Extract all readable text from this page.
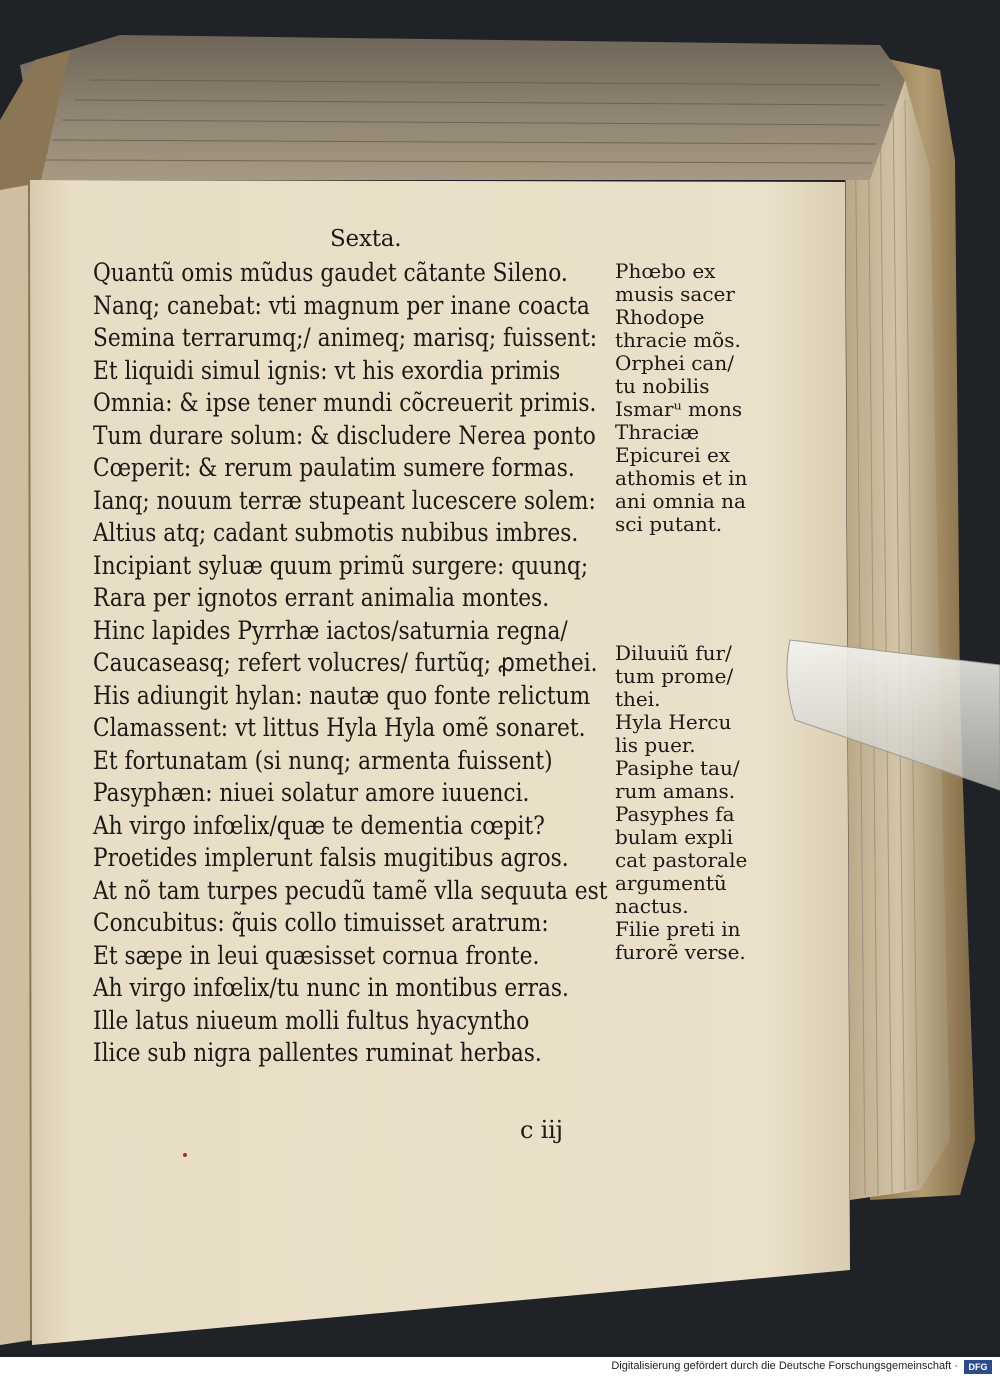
Sexta.
Quantũ omis mũdus gaudet cãtante Sileno.
Nanq; canebat: vti magnum per inane coacta
Semina terrarumq;/ animeq; marisq; fuissent:
Et liquidi simul ignis: vt his exordia primis
Omnia: & ipse tener mundi cõcreuerit primis.
Tum durare solum: & discludere Nerea ponto
Cœperit: & rerum paulatim sumere formas.
Ianq; nouum terræ stupeant lucescere solem:
Altius atq; cadant submotis nubibus imbres.
Incipiant syluæ quum primũ surgere: quunq;
Rara per ignotos errant animalia montes.
Hinc lapides Pyrrhæ iactos/saturnia regna/
Caucaseasq; refert volucres/ furtũq; ꝓmethei.
His adiungit hylan: nautæ quo fonte relictum
Clamassent: vt littus Hyla Hyla omẽ sonaret.
Et fortunatam (si nunq; armenta fuissent)
Pasyphæn: niuei solatur amore iuuenci.
Ah virgo infœlix/quæ te dementia cœpit?
Proetides implerunt falsis mugitibus agros.
At nõ tam turpes pecudũ tamẽ vlla sequuta est
Concubitus: q̃uis collo timuisset aratrum:
Et sæpe in leui quæsisset cornua fronte.
Ah virgo infœlix/tu nunc in montibus erras.
Ille latus niueum molli fultus hyacyntho
Ilice sub nigra pallentes ruminat herbas.
Phœbo ex
musis sacer
Rhodope
thracie mõs.
Orphei can/
tu nobilis
Ismarᵘ mons
Thraciæ
Epicurei ex
athomis et in
ani omnia na
sci putant.
Diluuiũ fur/
tum prome/
thei.
Hyla Hercu
lis puer.
Pasiphe tau/
rum amans.
Pasyphes fa
bulam expli
cat pastorale
argumentũ
nactus.
Filie preti in
furorẽ verse.
c iij
Digitalisierung gefördert durch die Deutsche Forschungsgemeinschaft ·	DFG
